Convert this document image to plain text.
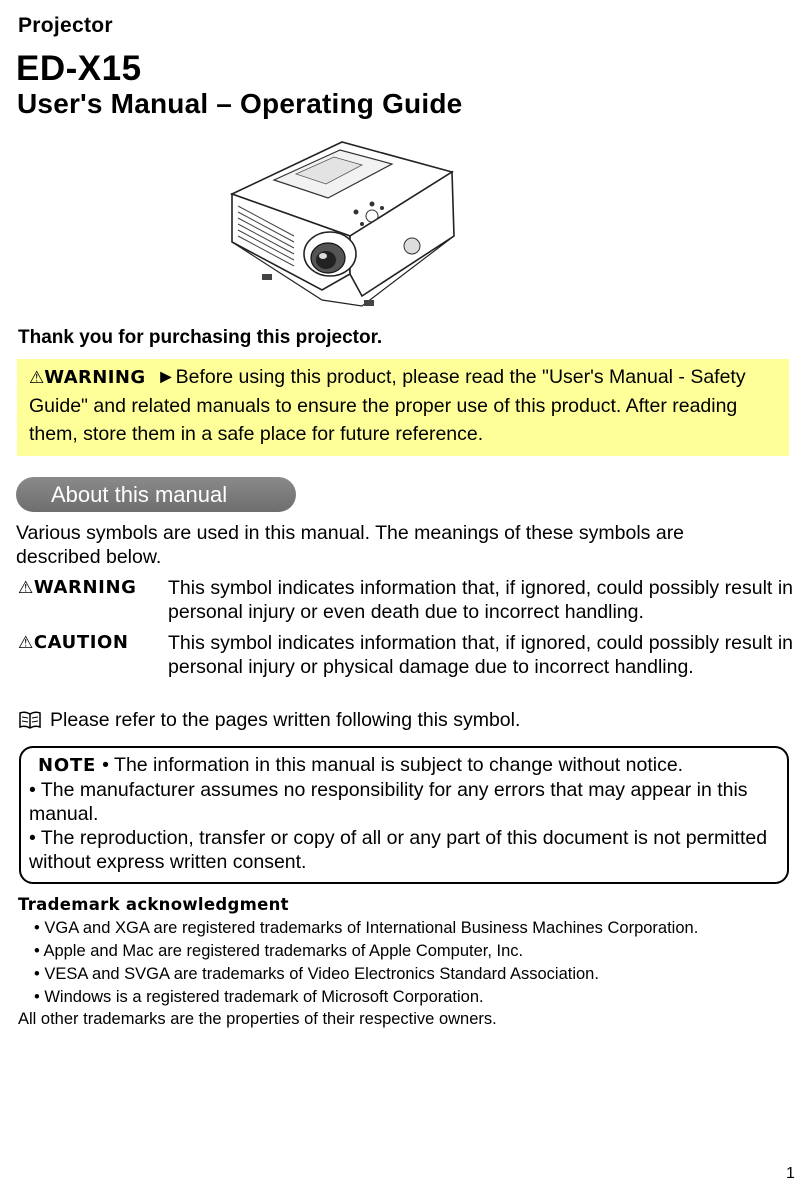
Projector
ED-X15
User's Manual – Operating Guide
Thank you for purchasing this projector.
⚠WARNING ►Before using this product, please read the "User's Manual - Safety Guide" and related manuals to ensure the proper use of this product. After reading them, store them in a safe place for future reference.
About this manual
Various symbols are used in this manual. The meanings of these symbols are described below.
⚠WARNING This symbol indicates information that, if ignored, could possibly result in personal injury or even death due to incorrect handling.
⚠CAUTION This symbol indicates information that, if ignored, could possibly result in personal injury or physical damage due to incorrect handling.
Please refer to the pages written following this symbol.
NOTE • The information in this manual is subject to change without notice.
• The manufacturer assumes no responsibility for any errors that may appear in this manual.
• The reproduction, transfer or copy of all or any part of this document is not permitted without express written consent.
Trademark acknowledgment
• VGA and XGA are registered trademarks of International Business Machines Corporation.
• Apple and Mac are registered trademarks of Apple Computer, Inc.
• VESA and SVGA are trademarks of Video Electronics Standard Association.
• Windows is a registered trademark of Microsoft Corporation.
All other trademarks are the properties of their respective owners.
1
